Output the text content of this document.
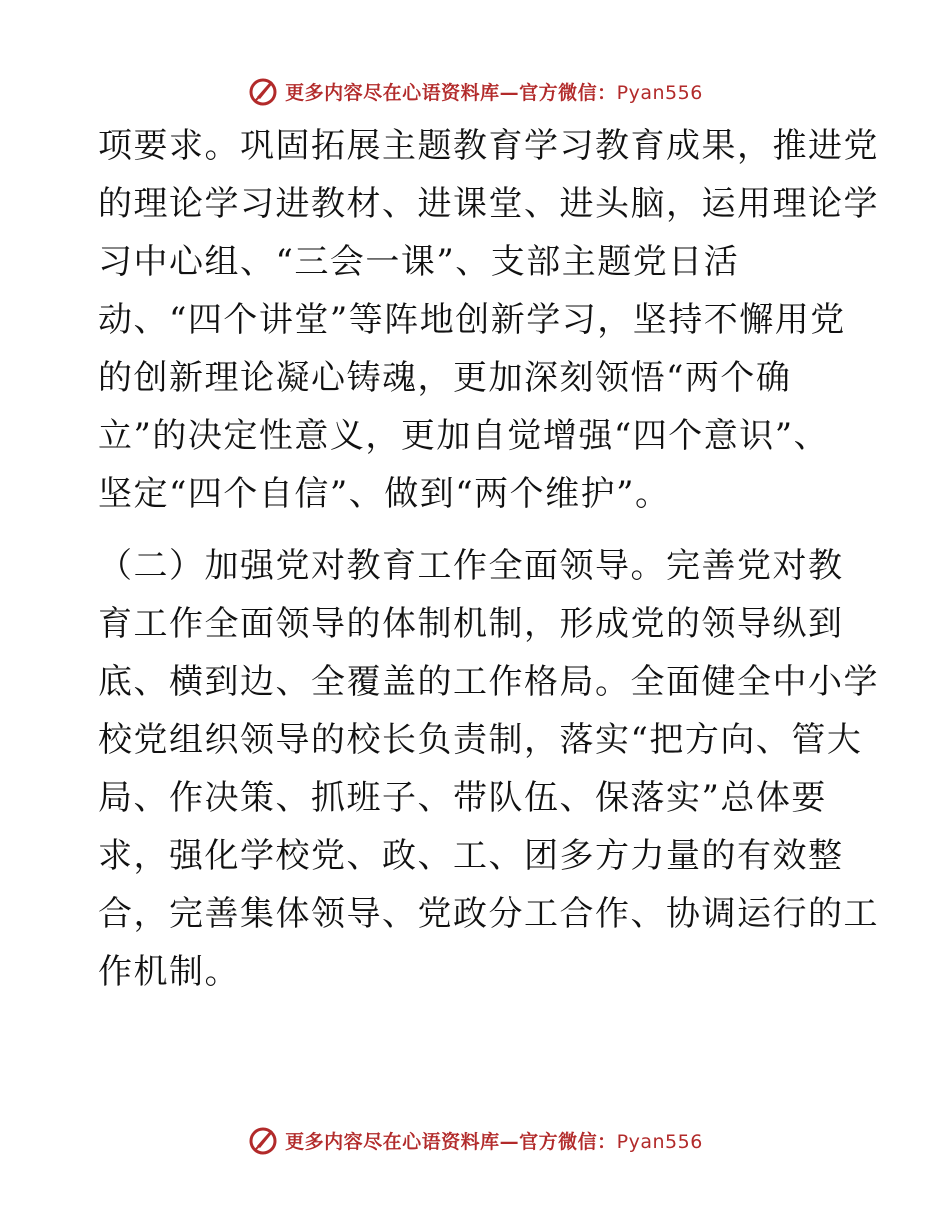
更多内容尽在心语资料库—官方微信：Pyan556
项要求。巩固拓展主题教育学习教育成果，推进党
的理论学习进教材、进课堂、进头脑，运用理论学
习中心组、“三会一课”、支部主题党日活
动、“四个讲堂”等阵地创新学习，坚持不懈用党
的创新理论凝心铸魂，更加深刻领悟“两个确
立”的决定性意义，更加自觉增强“四个意识”、
坚定“四个自信”、做到“两个维护”。
（二）加强党对教育工作全面领导。完善党对教
育工作全面领导的体制机制，形成党的领导纵到
底、横到边、全覆盖的工作格局。全面健全中小学
校党组织领导的校长负责制，落实“把方向、管大
局、作决策、抓班子、带队伍、保落实”总体要
求，强化学校党、政、工、团多方力量的有效整
合，完善集体领导、党政分工合作、协调运行的工
作机制。
更多内容尽在心语资料库—官方微信：Pyan556
